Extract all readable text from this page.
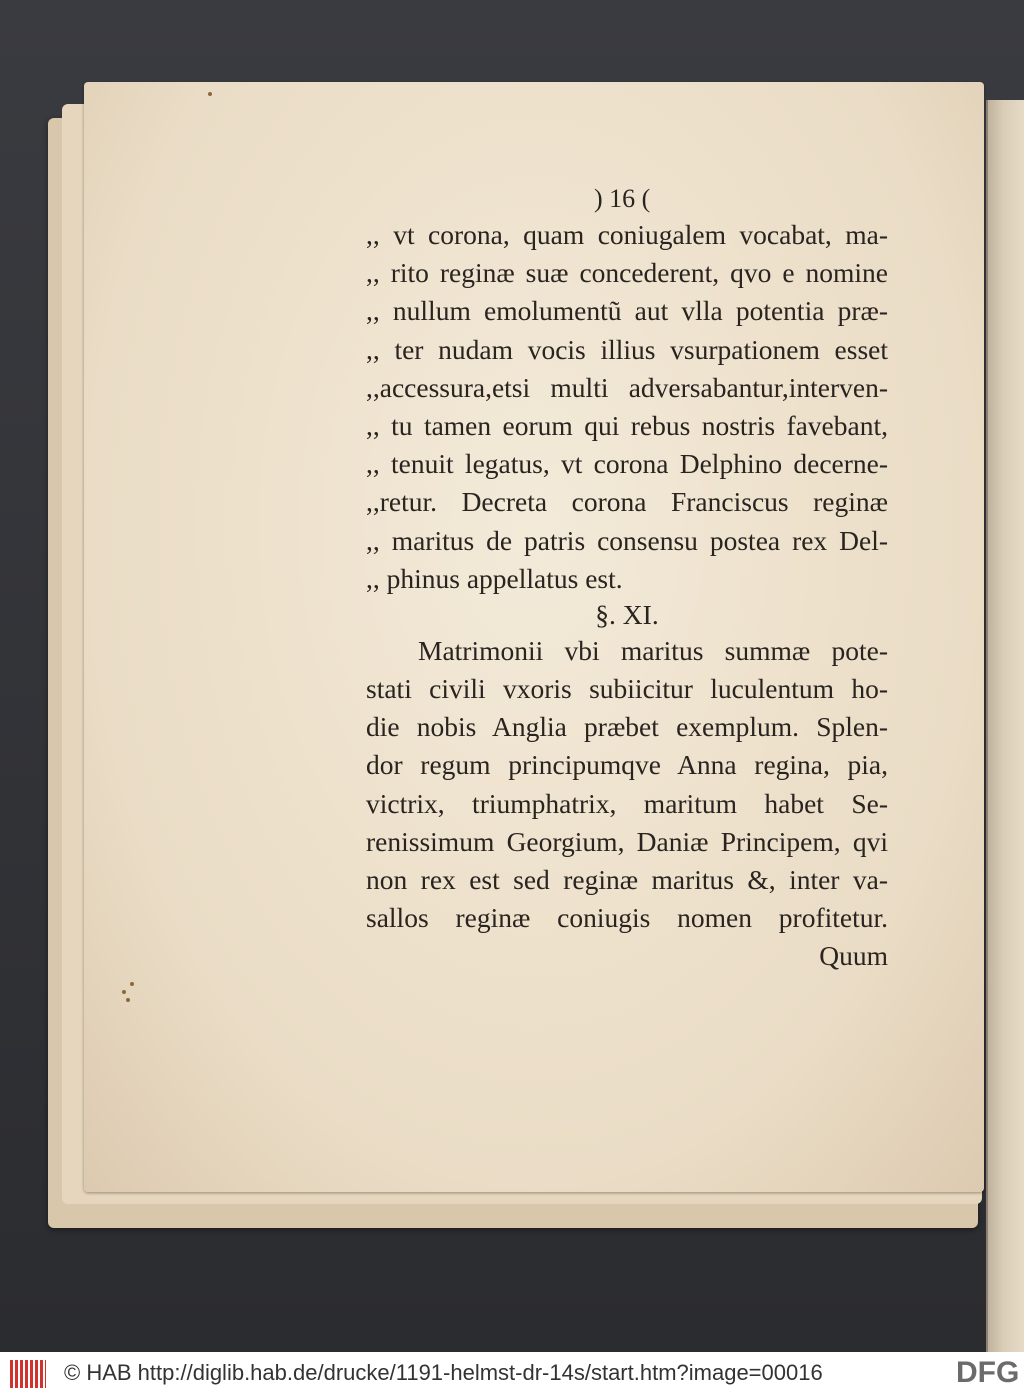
) 16 (
,, vt corona, quam coniugalem vocabat, ma-
,, rito reginæ suæ concederent, qvo e nomine
,, nullum emolumentũ aut vlla potentia præ-
,, ter nudam vocis illius vsurpationem esset
,,accessura,etsi multi adversabantur,interven-
,, tu tamen eorum qui rebus nostris favebant,
,, tenuit legatus, vt corona Delphino decerne-
,,retur. Decreta corona Franciscus reginæ
,, maritus de patris consensu postea rex Del-
,, phinus appellatus est.
§. XI.
Matrimonii vbi maritus summæ pote-
stati civili vxoris subiicitur luculentum ho-
die nobis Anglia præbet exemplum. Splen-
dor regum principumqve Anna regina, pia,
victrix, triumphatrix, maritum habet Se-
renissimum Georgium, Daniæ Principem, qvi
non rex est sed reginæ maritus &, inter va-
sallos reginæ coniugis nomen profitetur.
Quum
© HAB http://diglib.hab.de/drucke/1191-helmst-dr-14s/start.htm?image=00016	DFG
